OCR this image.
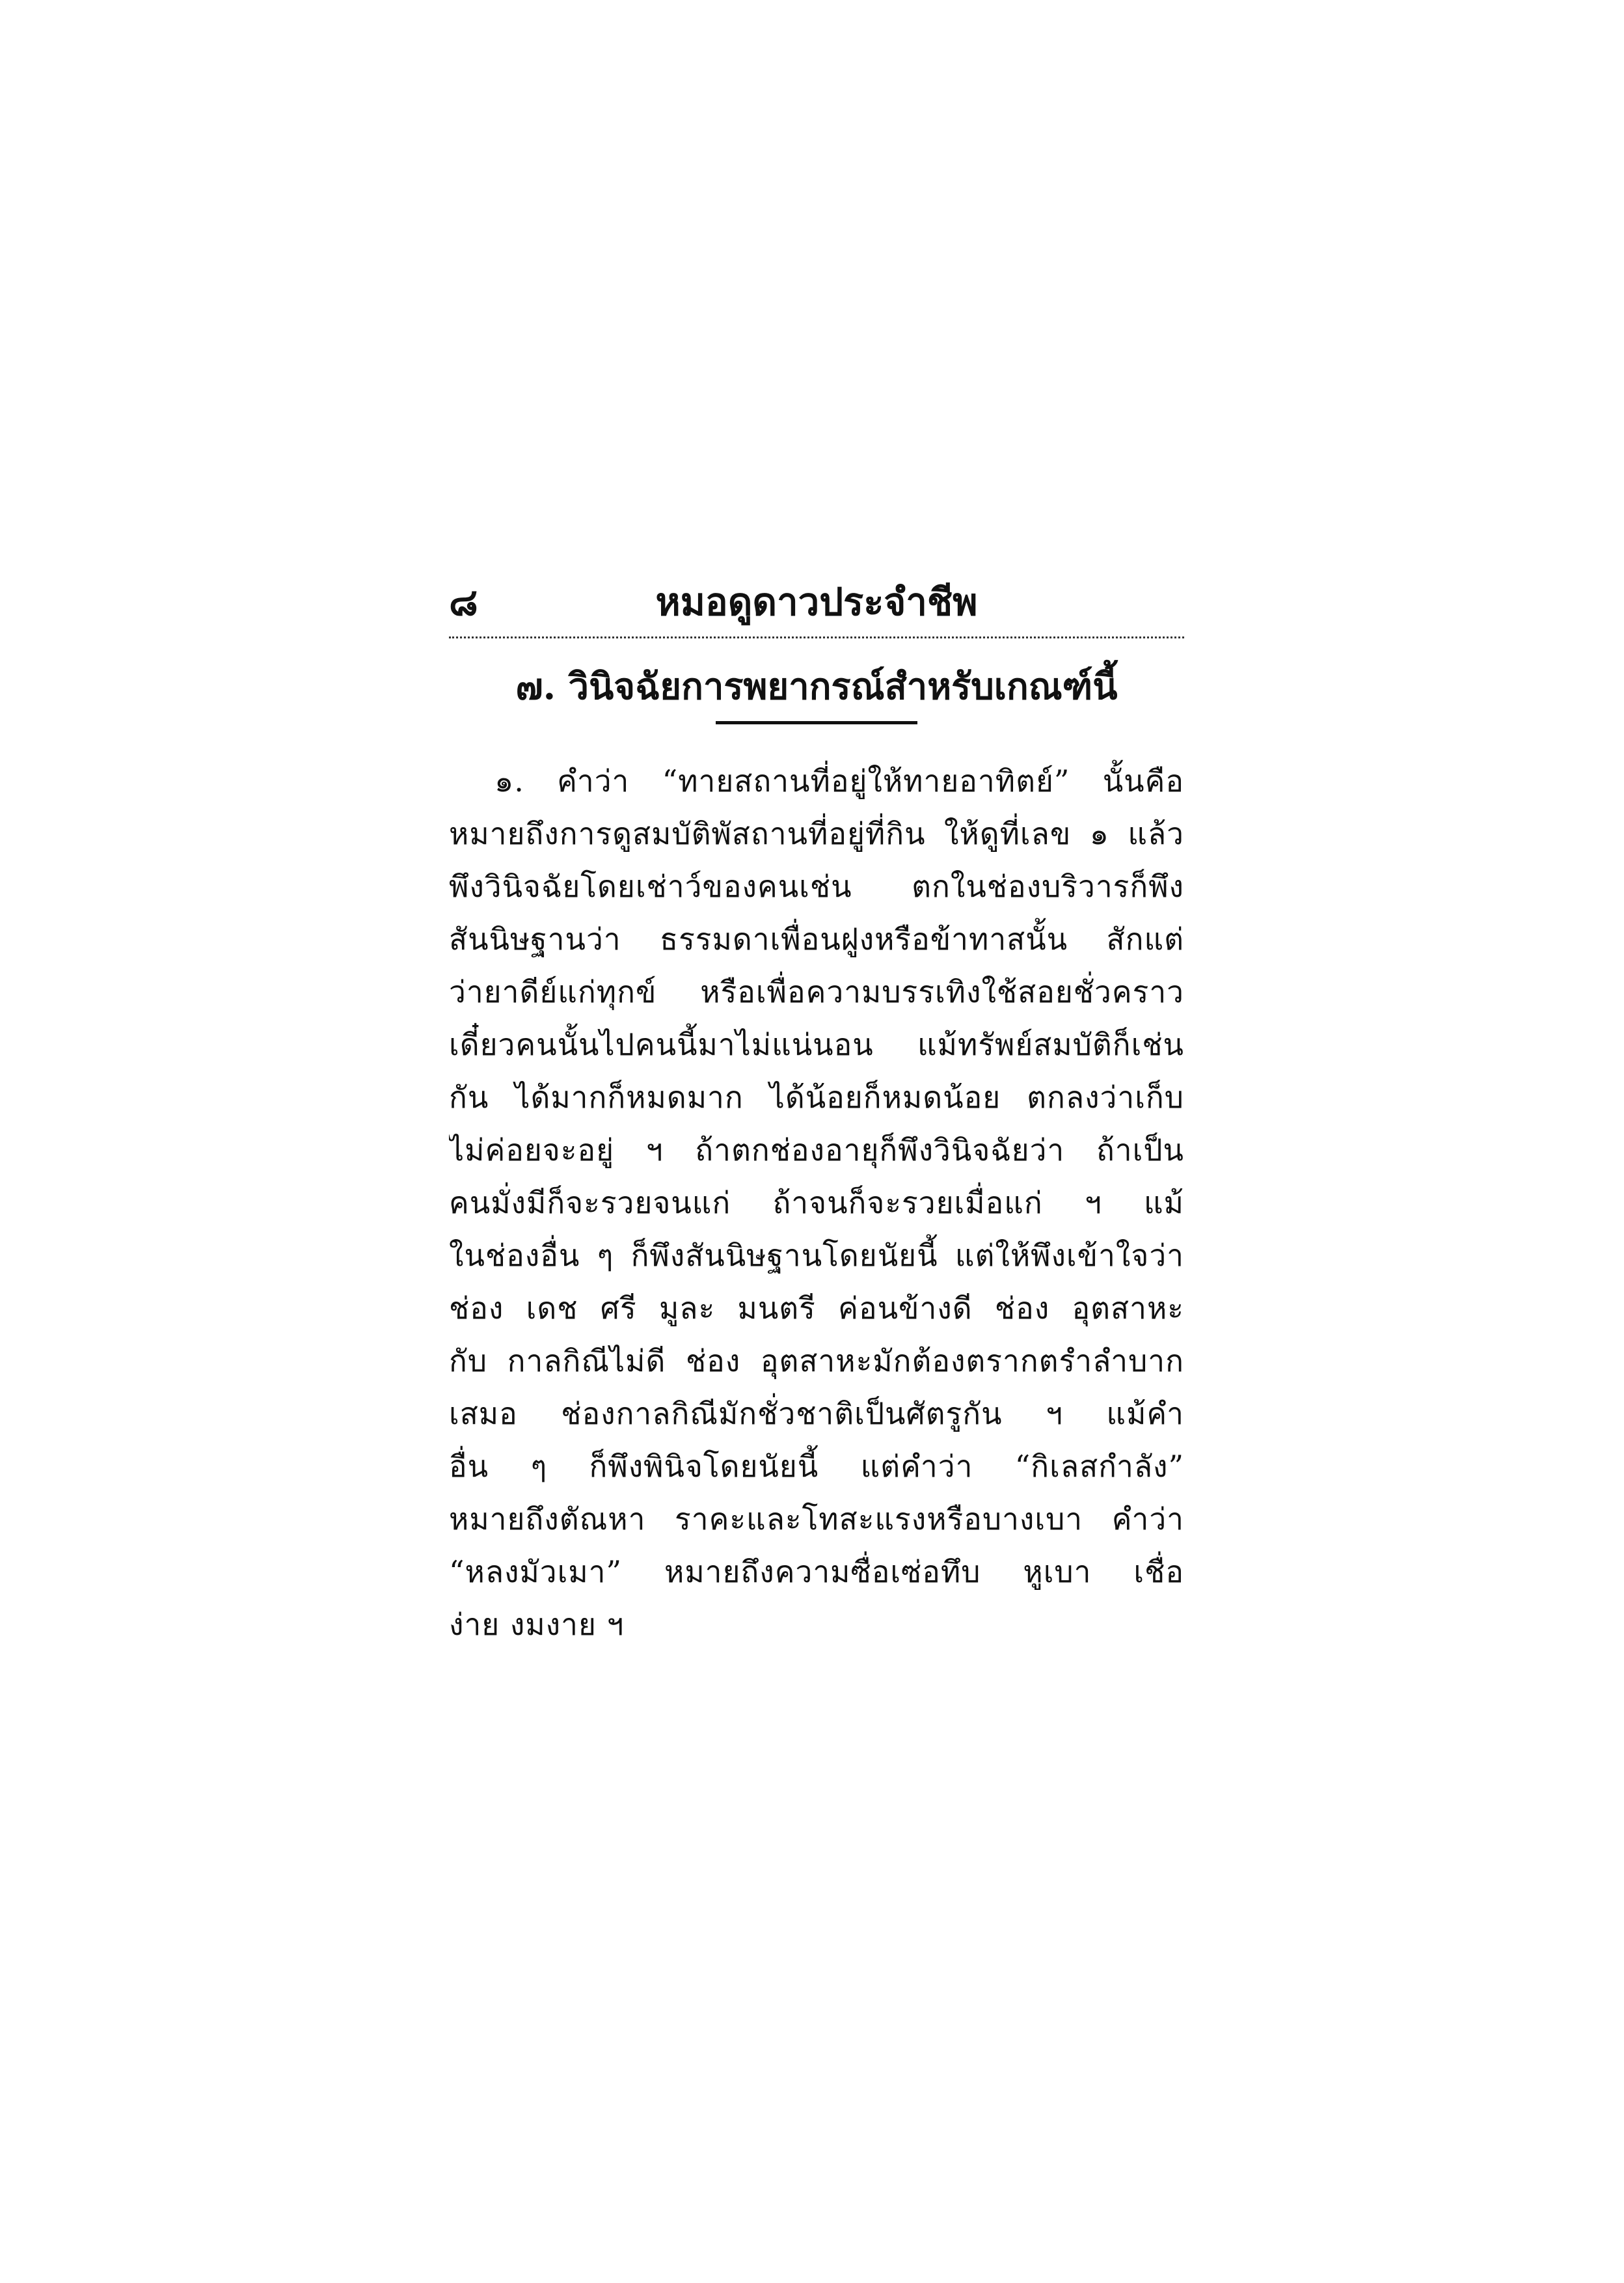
๘	หมอดูดาวประจำชีพ
๗. วินิจฉัยการพยากรณ์สำหรับเกณฑ์นี้
๑. คำว่า “ทายสถานที่อยู่ให้ทายอาทิตย์” นั้นคือ
หมายถึงการดูสมบัติพัสถานที่อยู่ที่กิน ให้ดูที่เลข ๑ แล้ว
พึงวินิจฉัยโดยเช่าว์ของคนเช่น ตกในช่องบริวารก็พึง
สันนิษฐานว่า ธรรมดาเพื่อนฝูงหรือข้าทาสนั้น สักแต่
ว่ายาดีย์แก่ทุกข์ หรือเพื่อความบรรเทิงใช้สอยชั่วคราว
เดี๋ยวคนนั้นไปคนนี้มาไม่แน่นอน แม้ทรัพย์สมบัติก็เช่น
กัน ได้มากก็หมดมาก ได้น้อยก็หมดน้อย ตกลงว่าเก็บ
ไม่ค่อยจะอยู่ ฯ ถ้าตกช่องอายุก็พึงวินิจฉัยว่า ถ้าเป็น
คนมั่งมีก็จะรวยจนแก่ ถ้าจนก็จะรวยเมื่อแก่ ฯ แม้
ในช่องอื่น ๆ ก็พึงสันนิษฐานโดยนัยนี้ แต่ให้พึงเข้าใจว่า
ช่อง เดช ศรี มูละ มนตรี ค่อนข้างดี ช่อง อุตสาหะ
กับ กาลกิณีไม่ดี ช่อง อุตสาหะมักต้องตรากตรำลำบาก
เสมอ ช่องกาลกิณีมักชั่วชาติเป็นศัตรูกัน ฯ แม้คำ
อื่น ๆ ก็พึงพินิจโดยนัยนี้ แต่คำว่า “กิเลสกำลัง”
หมายถึงตัณหา ราคะและโทสะแรงหรือบางเบา คำว่า
“หลงมัวเมา” หมายถึงความซื่อเซ่อทึบ หูเบา เชื่อ
ง่าย งมงาย ฯ
